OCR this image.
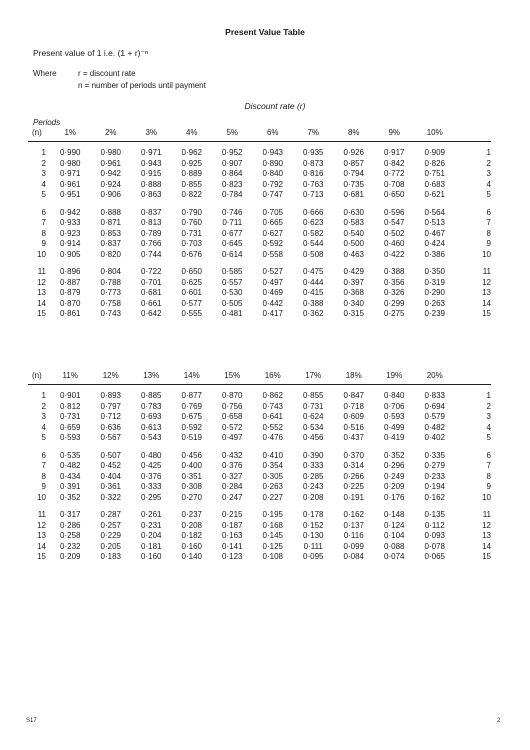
Present Value Table
Present value of 1 i.e. (1 + r)⁻ⁿ
Where	r = discount rate
n = number of periods until payment
Discount rate (r)
Periods
(n)	1%	2%	3%	4%	5%	6%	7%	8%	9%	10%	

1	0·990	0·980	0·971	0·962	0·952	0·943	0·935	0·926	0·917	0·909	1
2	0·980	0·961	0·943	0·925	0·907	0·890	0·873	0·857	0·842	0·826	2
3	0·971	0·942	0·915	0·889	0·864	0·840	0·816	0·794	0·772	0·751	3
4	0·961	0·924	0·888	0·855	0·823	0·792	0·763	0·735	0·708	0·683	4
5	0·951	0·906	0·863	0·822	0·784	0·747	0·713	0·681	0·650	0·621	5

6	0·942	0·888	0·837	0·790	0·746	0·705	0·666	0·630	0·596	0·564	6
7	0·933	0·871	0·813	0·760	0·711	0·665	0·623	0·583	0·547	0·513	7
8	0·923	0·853	0·789	0·731	0·677	0·627	0·582	0·540	0·502	0·467	8
9	0·914	0·837	0·766	0·703	0·645	0·592	0·544	0·500	0·460	0·424	9
10	0·905	0·820	0·744	0·676	0·614	0·558	0·508	0·463	0·422	0·386	10

11	0·896	0·804	0·722	0·650	0·585	0·527	0·475	0·429	0·388	0·350	11
12	0·887	0·788	0·701	0·625	0·557	0·497	0·444	0·397	0·356	0·319	12
13	0·879	0·773	0·681	0·601	0·530	0·469	0·415	0·368	0·326	0·290	13
14	0·870	0·758	0·661	0·577	0·505	0·442	0·388	0·340	0·299	0·263	14
15	0·861	0·743	0·642	0·555	0·481	0·417	0·362	0·315	0·275	0·239	15
(n)	11%	12%	13%	14%	15%	16%	17%	18%	19%	20%	

1	0·901	0·893	0·885	0·877	0·870	0·862	0·855	0·847	0·840	0·833	1
2	0·812	0·797	0·783	0·769	0·756	0·743	0·731	0·718	0·706	0·694	2
3	0·731	0·712	0·693	0·675	0·658	0·641	0·624	0·609	0·593	0·579	3
4	0·659	0·636	0·613	0·592	0·572	0·552	0·534	0·516	0·499	0·482	4
5	0·593	0·567	0·543	0·519	0·497	0·476	0·456	0·437	0·419	0·402	5

6	0·535	0·507	0·480	0·456	0·432	0·410	0·390	0·370	0·352	0·335	6
7	0·482	0·452	0·425	0·400	0·376	0·354	0·333	0·314	0·296	0·279	7
8	0·434	0·404	0·376	0·351	0·327	0·305	0·285	0·266	0·249	0·233	8
9	0·391	0·361	0·333	0·308	0·284	0·263	0·243	0·225	0·209	0·194	9
10	0·352	0·322	0·295	0·270	0·247	0·227	0·208	0·191	0·176	0·162	10

11	0·317	0·287	0·261	0·237	0·215	0·195	0·178	0·162	0·148	0·135	11
12	0·286	0·257	0·231	0·208	0·187	0·168	0·152	0·137	0·124	0·112	12
13	0·258	0·229	0·204	0·182	0·163	0·145	0·130	0·116	0·104	0·093	13
14	0·232	0·205	0·181	0·160	0·141	0·125	0·111	0·099	0·088	0·078	14
15	0·209	0·183	0·160	0·140	0·123	0·108	0·095	0·084	0·074	0·065	15
S17	2
